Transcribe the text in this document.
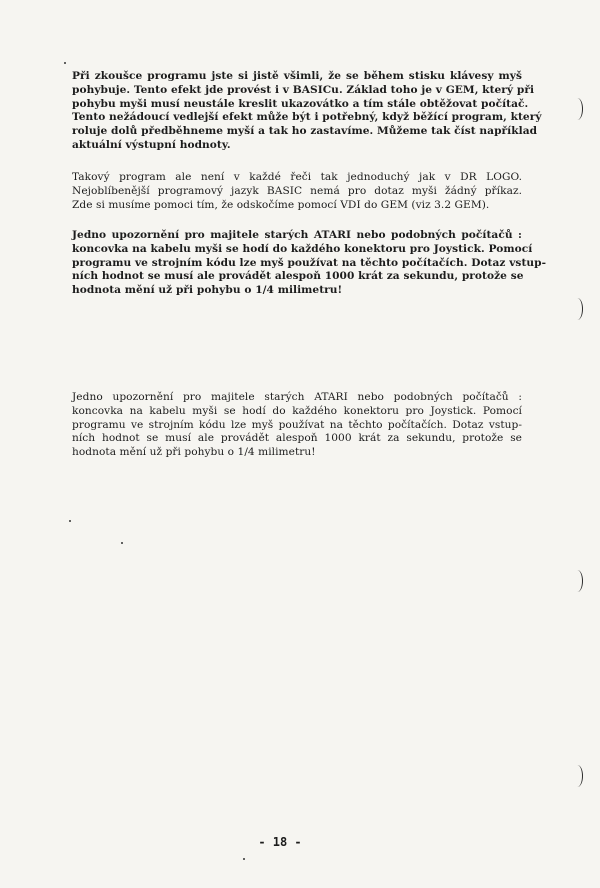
Při zkoušce programu jste si jistě všimli, že se během stisku klávesy myš
pohybuje. Tento efekt jde provést i v BASICu. Základ toho je v GEM, který při
pohybu myši musí neustále kreslit ukazovátko a tím stále obtěžovat počítač.
Tento nežádoucí vedlejší efekt může být i potřebný, když běžící program, který
roluje dolů předběhneme myší a tak ho zastavíme. Můžeme tak číst například
aktuální výstupní hodnoty.
Takový program ale není v každé řeči tak jednoduchý jak v DR LOGO.
Nejoblíbenější programový jazyk BASIC nemá pro dotaz myši žádný příkaz.
Zde si musíme pomoci tím, že odskočíme pomocí VDI do GEM (viz 3.2 GEM).
Jedno upozornění pro majitele starých ATARI nebo podobných počítačů :
koncovka na kabelu myši se hodí do každého konektoru pro Joystick. Pomocí
programu ve strojním kódu lze myš používat na těchto počítačích. Dotaz vstup-
ních hodnot se musí ale provádět alespoň 1000 krát za sekundu, protože se
hodnota mění už při pohybu o 1/4 milimetru!
Jedno upozornění pro majitele starých ATARI nebo podobných počítačů :
koncovka na kabelu myši se hodí do každého konektoru pro Joystick. Pomocí
programu ve strojním kódu lze myš používat na těchto počítačích. Dotaz vstup-
ních hodnot se musí ale provádět alespoň 1000 krát za sekundu, protože se
hodnota mění už při pohybu o 1/4 milimetru!
- 18 -
